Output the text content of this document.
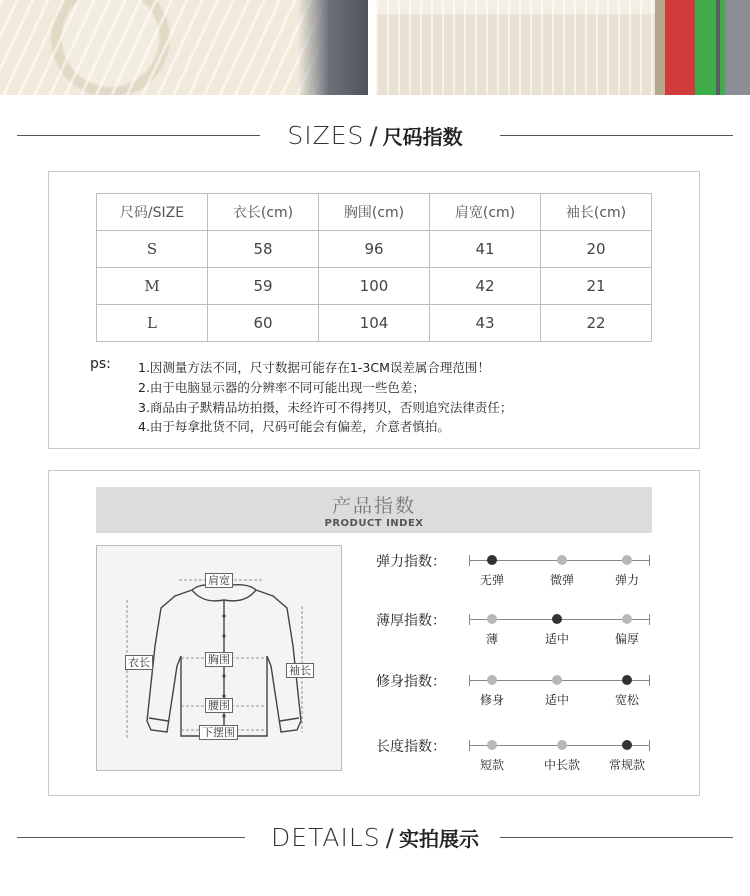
SIZES / 尺码指数
尺码/SIZE	衣长(cm)	胸围(cm)	肩宽(cm)	袖长(cm)
S	58	96	41	20
M	59	100	42	21
L	60	104	43	22
ps: 1.因测量方法不同，尺寸数据可能存在1-3CM误差属合理范围！
2.由于电脑显示器的分辨率不同可能出现一些色差；
3.商品由子默精品坊拍摄，未经许可不得拷贝，否则追究法律责任；
4.由于每拿批货不同，尺码可能会有偏差，介意者慎拍。
产品指数
PRODUCT INDEX
肩宽
胸围
衣长
袖长
腰围
下摆围
弹力指数：
无弹	微弹	弹力
薄厚指数：
薄	适中	偏厚
修身指数：
修身	适中	宽松
长度指数：
短款	中长款	常规款
DETAILS / 实拍展示
